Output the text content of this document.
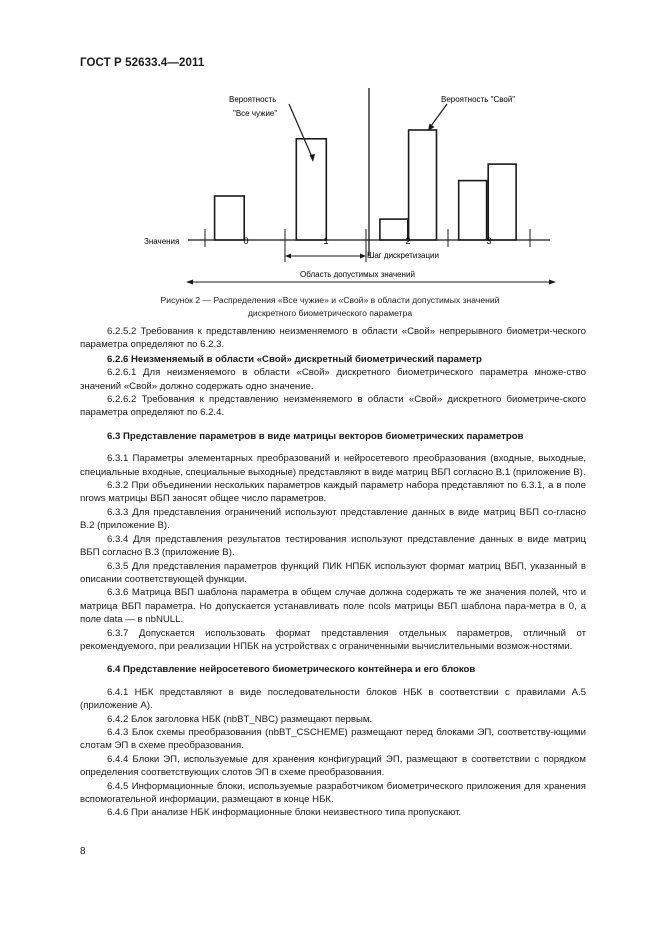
ГОСТ Р 52633.4—2011
0	1	2	3
Значения
Шаг дискретизации
Область допустимых значений
Вероятность
"Все чужие"
Вероятность "Свой"
Рисунок 2 — Распределения «Все чужие» и «Свой» в области допустимых значений
дискретного биометрического параметра

6.2.5.2 Требования к представлению неизменяемого в области «Свой» непрерывного биометри-ческого параметра определяют по 6.2.3.

6.2.6 Неизменяемый в области «Свой» дискретный биометрический параметр

6.2.6.1 Для неизменяемого в области «Свой» дискретного биометрического параметра множе-ство значений «Свой» должно содержать одно значение.

6.2.6.2 Требования к представлению неизменяемого в области «Свой» дискретного биометриче-ского параметра определяют по 6.2.4.

6.3 Представление параметров в виде матрицы векторов биометрических параметров

6.3.1 Параметры элементарных преобразований и нейросетевого преобразования (входные, выходные, специальные входные, специальные выходные) представляют в виде матриц ВБП согласно В.1 (приложение В).

6.3.2 При объединении нескольких параметров каждый параметр набора представляют по 6.3.1, а в поле nrows матрицы ВБП заносят общее число параметров.

6.3.3 Для представления ограничений используют представление данных в виде матриц ВБП со-гласно В.2 (приложение В).

6.3.4 Для представления результатов тестирования используют представление данных в виде матриц ВБП согласно В.3 (приложение В).

6.3.5 Для представления параметров функций ПИК НПБК используют формат матриц ВБП, указанный в описании соответствующей функции.

6.3.6 Матрица ВБП шаблона параметра в общем случае должна содержать те же значения полей, что и матрица ВБП параметра. Но допускается устанавливать поле ncols матрицы ВБП шаблона пара-метра в 0, а поле data — в nbNULL.

6.3.7 Допускается использовать формат представления отдельных параметров, отличный от рекомендуемого, при реализации НПБК на устройствах с ограниченными вычислительными возмож-ностями.

6.4 Представление нейросетевого биометрического контейнера и его блоков

6.4.1 НБК представляют в виде последовательности блоков НБК в соответствии с правилами А.5 (приложение А).

6.4.2 Блок заголовка НБК (nbBT_NBC) размещают первым.

6.4.3 Блок схемы преобразования (nbBT_CSCHEME) размещают перед блоками ЭП, соответству-ющими слотам ЭП в схеме преобразования.

6.4.4 Блоки ЭП, используемые для хранения конфигураций ЭП, размещают в соответствии с порядком определения соответствующих слотов ЭП в схеме преобразования.

6.4.5 Информационные блоки, используемые разработчиком биометрического приложения для хранения вспомогательной информации, размещают в конце НБК.

6.4.6 При анализе НБК информационные блоки неизвестного типа пропускают.

8
